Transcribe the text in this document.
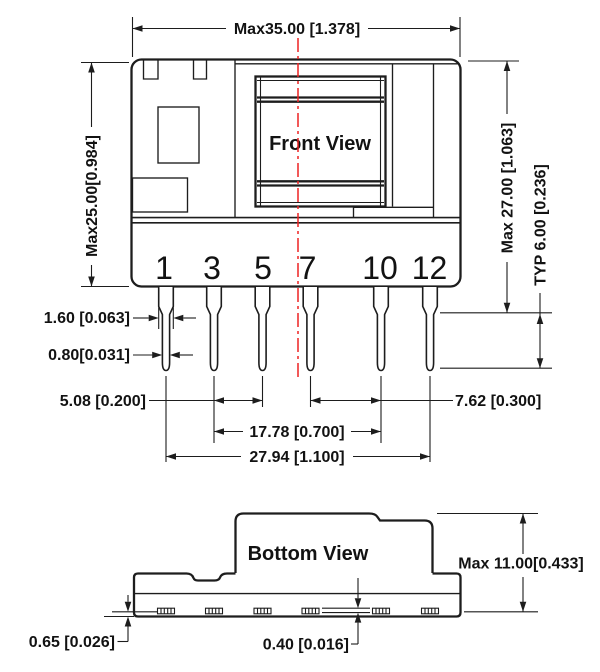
Front View
1 3 5 7 10 12
Max35.00 [1.378]
Max25.00[0.984]	Max 27.00 [1.063] TYP 6.00 [0.236]
1.60 [0.063]
0.80[0.031]
5.08 [0.200]	7.62 [0.300]
17.78 [0.700]
27.94 [1.100]
Bottom View
0.65 [0.026]	0.40 [0.016]
Max 11.00[0.433]
